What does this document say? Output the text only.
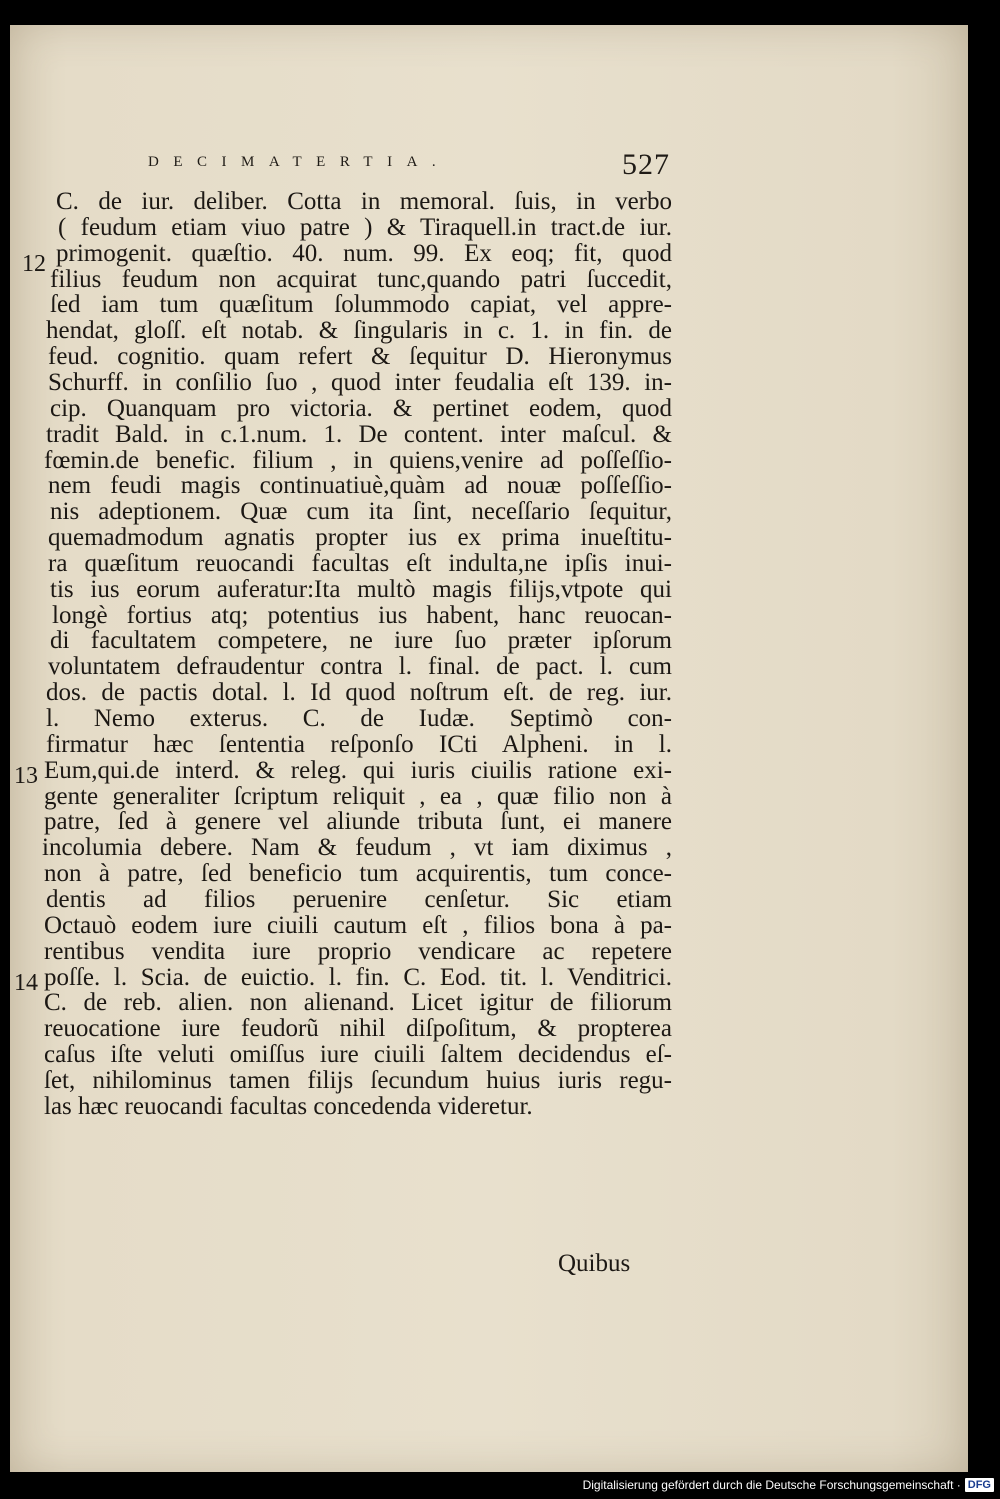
DECIMATERTIA.	527
C. de iur. deliber. Cotta in memoral. ſuis, in verbo
( feudum etiam viuo patre ) & Tiraquell.in tract.de iur.
primogenit. quæſtio. 40. num. 99. Ex eoq; fit, quod
filius feudum non acquirat tunc,quando patri ſuccedit,
ſed iam tum quæſitum ſolummodo capiat, vel appre-
hendat, gloſſ. eſt notab. & ſingularis in c. 1. in fin. de
feud. cognitio. quam refert & ſequitur D. Hieronymus
Schurff. in conſilio ſuo , quod inter feudalia eſt 139. in-
cip. Quanquam pro victoria. & pertinet eodem, quod
tradit Bald. in c.1.num. 1. De content. inter maſcul. &
fœmin.de benefic. filium , in quiens,venire ad poſſeſſio-
nem feudi magis continuatiuè,quàm ad nouæ poſſeſſio-
nis adeptionem. Quæ cum ita ſint, neceſſario ſequitur,
quemadmodum agnatis propter ius ex prima inueſtitu-
ra quæſitum reuocandi facultas eſt indulta,ne ipſis inui-
tis ius eorum auferatur:Ita multò magis filijs,vtpote qui
longè fortius atq; potentius ius habent, hanc reuocan-
di facultatem competere, ne iure ſuo præter ipſorum
voluntatem defraudentur contra l. final. de pact. l. cum
dos. de pactis dotal. l. Id quod noſtrum eſt. de reg. iur.
l. Nemo exterus. C. de Iudæ. Septimò con-
firmatur hæc ſententia reſponſo ICti Alpheni. in l.
Eum,qui.de interd. & releg. qui iuris ciuilis ratione exi-
gente generaliter ſcriptum reliquit , ea , quæ filio non à
patre, ſed à genere vel aliunde tributa ſunt, ei manere
incolumia debere. Nam & feudum , vt iam diximus ,
non à patre, ſed beneficio tum acquirentis, tum conce-
dentis ad filios peruenire cenſetur. Sic etiam
Octauò eodem iure ciuili cautum eſt , filios bona à pa-
rentibus vendita iure proprio vendicare ac repetere
poſſe. l. Scia. de euictio. l. fin. C. Eod. tit. l. Venditrici.
C. de reb. alien. non alienand. Licet igitur de filiorum
reuocatione iure feudorũ nihil diſpoſitum, & propterea
caſus iſte veluti omiſſus iure ciuili ſaltem decidendus eſ-
ſet, nihilominus tamen filijs ſecundum huius iuris regu-
las hæc reuocandi facultas concedenda videretur.
12
13
14
Quibus
Digitalisierung gefördert durch die Deutsche Forschungsgemeinschaft · DFG
